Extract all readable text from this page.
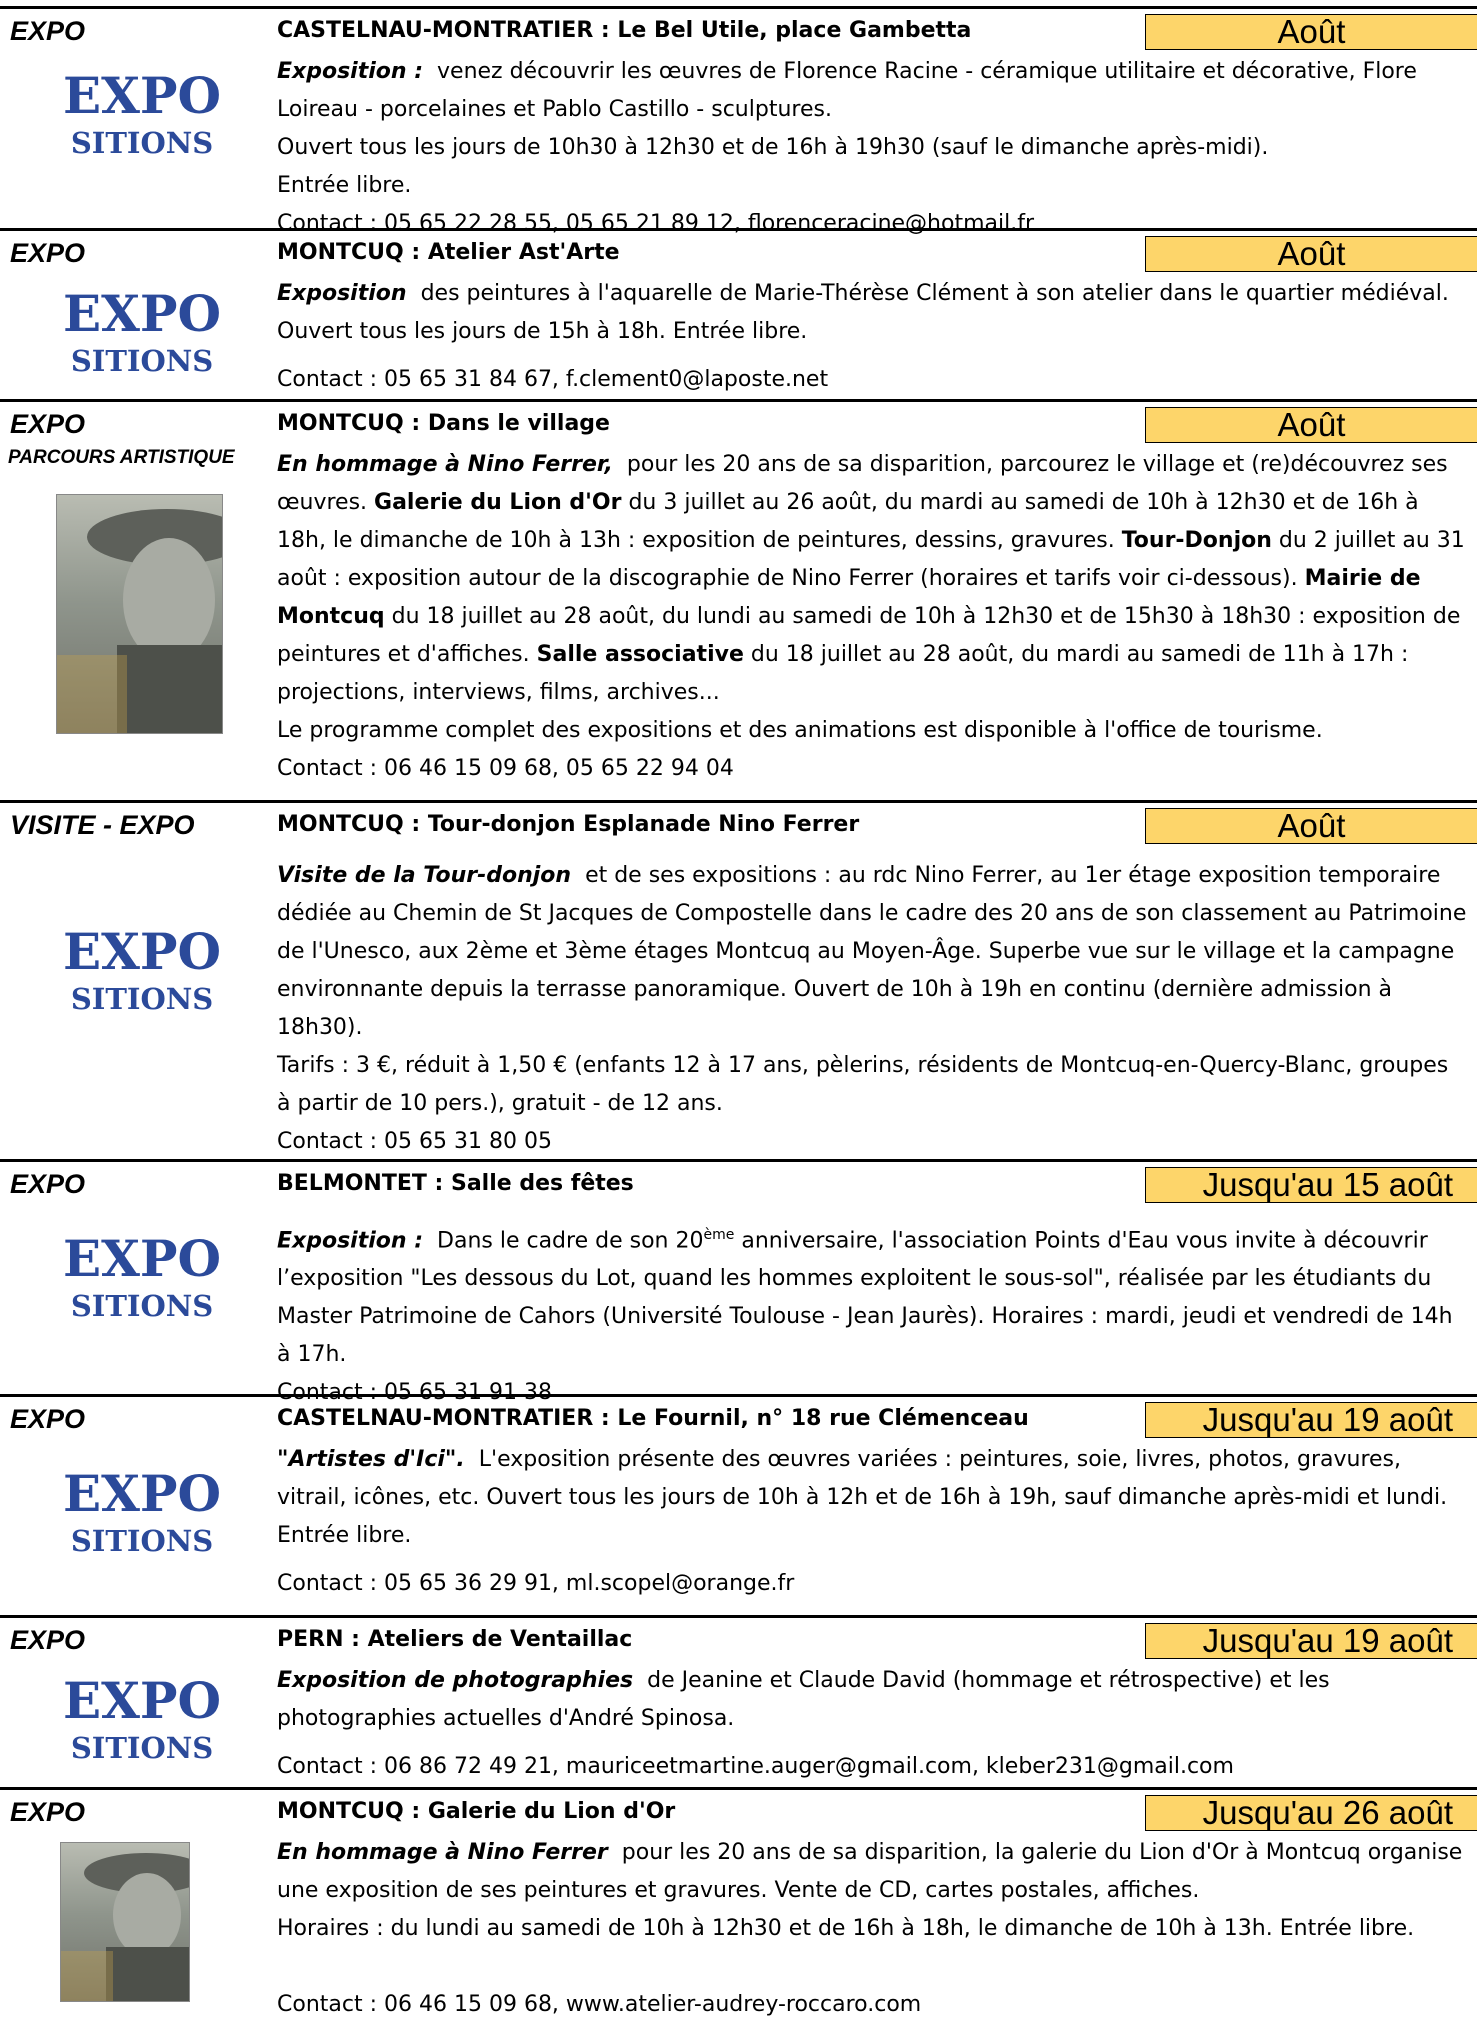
EXPO
EXPO
SITIONS
CASTELNAU-MONTRATIER : Le Bel Utile, place Gambetta	Août

Exposition : venez découvrir les œuvres de Florence Racine - céramique utilitaire et décorative, Flore Loireau - porcelaines et Pablo Castillo - sculptures.

Ouvert tous les jours de 10h30 à 12h30 et de 16h à 19h30 (sauf le dimanche après-midi).

Entrée libre.

Contact : 05 65 22 28 55, 05 65 21 89 12, florenceracine@hotmail.fr

EXPO
EXPO
SITIONS
MONTCUQ : Atelier Ast'Arte	Août

Exposition des peintures à l'aquarelle de Marie-Thérèse Clément à son atelier dans le quartier médiéval. Ouvert tous les jours de 15h à 18h. Entrée libre.

Contact : 05 65 31 84 67, f.clement0@laposte.net

EXPO
PARCOURS ARTISTIQUE
MONTCUQ : Dans le village	Août

En hommage à Nino Ferrer, pour les 20 ans de sa disparition, parcourez le village et (re)découvrez ses œuvres. Galerie du Lion d'Or du 3 juillet au 26 août, du mardi au samedi de 10h à 12h30 et de 16h à 18h, le dimanche de 10h à 13h : exposition de peintures, dessins, gravures. Tour-Donjon du 2 juillet au 31 août : exposition autour de la discographie de Nino Ferrer (horaires et tarifs voir ci-dessous). Mairie de Montcuq du 18 juillet au 28 août, du lundi au samedi de 10h à 12h30 et de 15h30 à 18h30 : exposition de peintures et d'affiches. Salle associative du 18 juillet au 28 août, du mardi au samedi de 11h à 17h : projections, interviews, films, archives...

Le programme complet des expositions et des animations est disponible à l'office de tourisme.

Contact : 06 46 15 09 68, 05 65 22 94 04

VISITE - EXPO
EXPO
SITIONS
MONTCUQ : Tour-donjon Esplanade Nino Ferrer	Août

Visite de la Tour-donjon et de ses expositions : au rdc Nino Ferrer, au 1er étage exposition temporaire dédiée au Chemin de St Jacques de Compostelle dans le cadre des 20 ans de son classement au Patrimoine de l'Unesco, aux 2ème et 3ème étages Montcuq au Moyen-Âge. Superbe vue sur le village et la campagne environnante depuis la terrasse panoramique. Ouvert de 10h à 19h en continu (dernière admission à 18h30).

Tarifs : 3 €, réduit à 1,50 € (enfants 12 à 17 ans, pèlerins, résidents de Montcuq-en-Quercy-Blanc, groupes à partir de 10 pers.), gratuit - de 12 ans.

Contact : 05 65 31 80 05

EXPO
EXPO
SITIONS
BELMONTET : Salle des fêtes	Jusqu'au 15 août

Exposition : Dans le cadre de son 20ème anniversaire, l'association Points d'Eau vous invite à découvrir l’exposition "Les dessous du Lot, quand les hommes exploitent le sous-sol", réalisée par les étudiants du Master Patrimoine de Cahors (Université Toulouse - Jean Jaurès). Horaires : mardi, jeudi et vendredi de 14h à 17h.

Contact : 05 65 31 91 38

EXPO
EXPO
SITIONS
CASTELNAU-MONTRATIER : Le Fournil, n° 18 rue Clémenceau	Jusqu'au 19 août

"Artistes d'Ici". L'exposition présente des œuvres variées : peintures, soie, livres, photos, gravures, vitrail, icônes, etc. Ouvert tous les jours de 10h à 12h et de 16h à 19h, sauf dimanche après-midi et lundi. Entrée libre.

Contact : 05 65 36 29 91, ml.scopel@orange.fr

EXPO
EXPO
SITIONS
PERN : Ateliers de Ventaillac	Jusqu'au 19 août

Exposition de photographies de Jeanine et Claude David (hommage et rétrospective) et les photographies actuelles d'André Spinosa.

Contact : 06 86 72 49 21, mauriceetmartine.auger@gmail.com, kleber231@gmail.com

EXPO	MONTCUQ : Galerie du Lion d'Or	Jusqu'au 26 août

En hommage à Nino Ferrer pour les 20 ans de sa disparition, la galerie du Lion d'Or à Montcuq organise une exposition de ses peintures et gravures. Vente de CD, cartes postales, affiches.

Horaires : du lundi au samedi de 10h à 12h30 et de 16h à 18h, le dimanche de 10h à 13h. Entrée libre.

Contact : 06 46 15 09 68, www.atelier-audrey-roccaro.com
